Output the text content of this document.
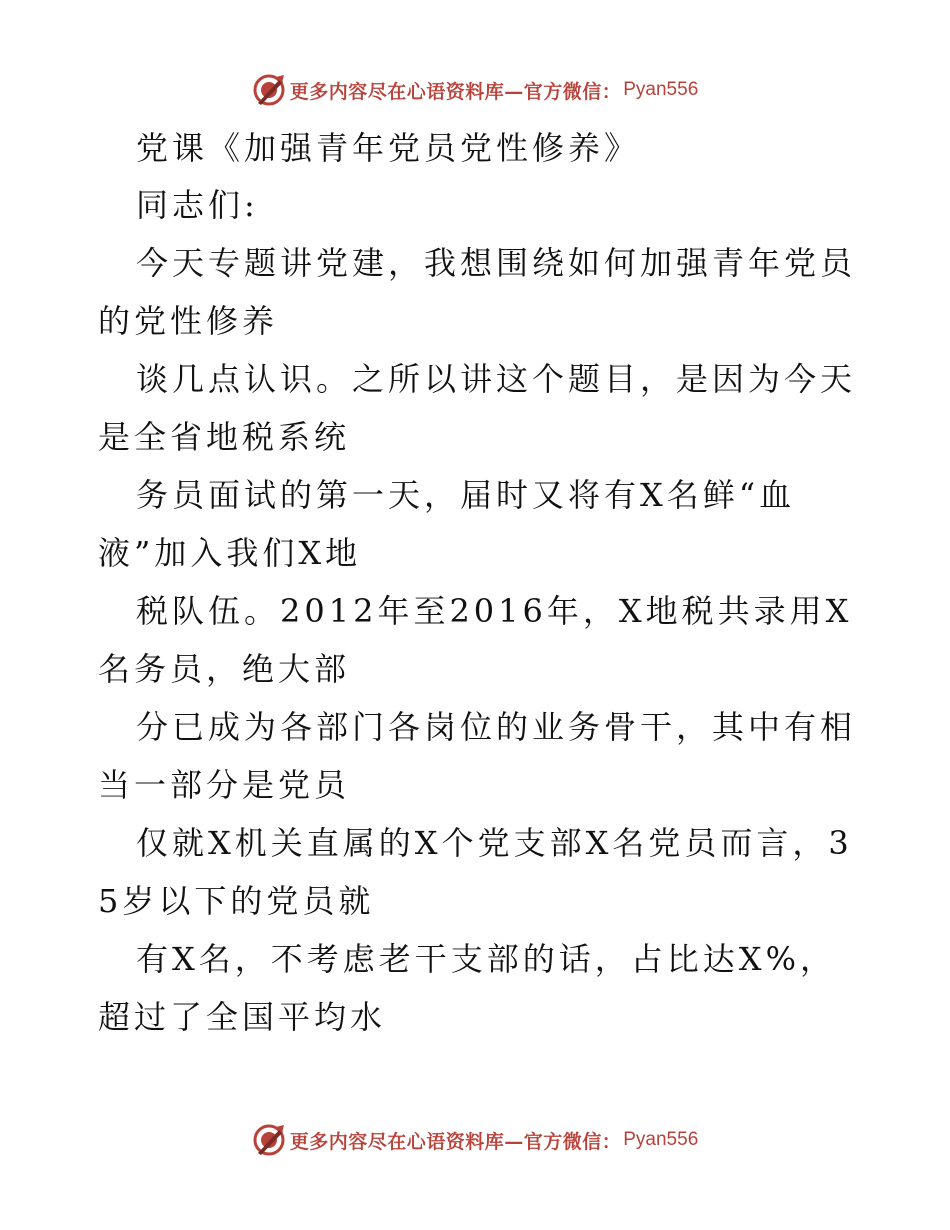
更多内容尽在心语资料库—官方微信： Pyan556

党课《加强青年党员党性修养》

同志们:

今天专题讲党建，我想围绕如何加强青年党员的党性修养

谈几点认识。之所以讲这个题目，是因为今天是全省地税系统

务员面试的第一天，届时又将有X名鲜“血液”加入我们X地

税队伍。2012年至2016年，X地税共录用X名务员，绝大部

分已成为各部门各岗位的业务骨干，其中有相当一部分是党员

仅就X机关直属的X个党支部X名党员而言，35岁以下的党员就

有X名，不考虑老干支部的话，占比达X%，超过了全国平均水

更多内容尽在心语资料库—官方微信： Pyan556
